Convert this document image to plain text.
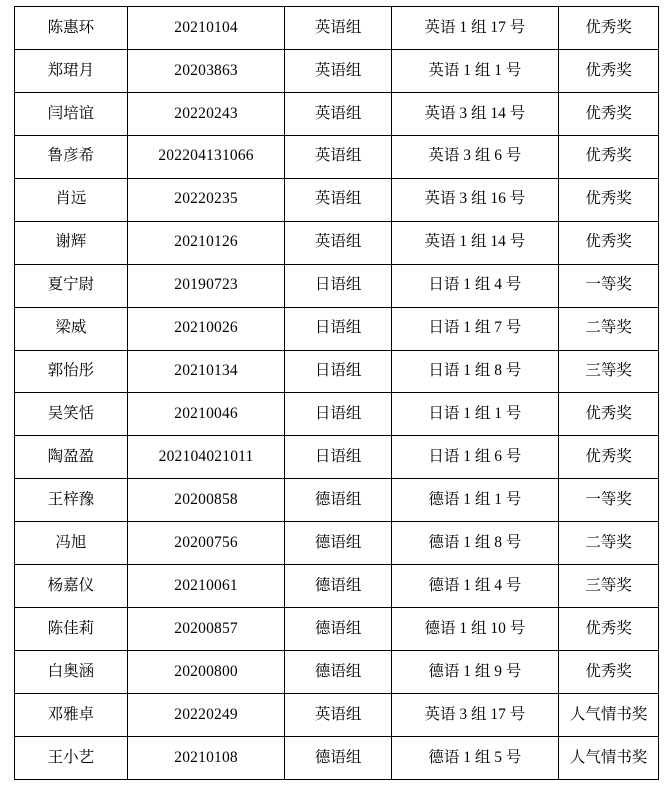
陈惠环	20210104	英语组	英语 1 组 17 号	优秀奖
郑珺月	20203863	英语组	英语 1 组 1 号	优秀奖
闫培谊	20220243	英语组	英语 3 组 14 号	优秀奖
鲁彦希	202204131066	英语组	英语 3 组 6 号	优秀奖
肖远	20220235	英语组	英语 3 组 16 号	优秀奖
谢辉	20210126	英语组	英语 1 组 14 号	优秀奖
夏宁尉	20190723	日语组	日语 1 组 4 号	一等奖
梁威	20210026	日语组	日语 1 组 7 号	二等奖
郭怡彤	20210134	日语组	日语 1 组 8 号	三等奖
吴笑恬	20210046	日语组	日语 1 组 1 号	优秀奖
陶盈盈	202104021011	日语组	日语 1 组 6 号	优秀奖
王梓豫	20200858	德语组	德语 1 组 1 号	一等奖
冯旭	20200756	德语组	德语 1 组 8 号	二等奖
杨嘉仪	20210061	德语组	德语 1 组 4 号	三等奖
陈佳莉	20200857	德语组	德语 1 组 10 号	优秀奖
白奥涵	20200800	德语组	德语 1 组 9 号	优秀奖
邓雅卓	20220249	英语组	英语 3 组 17 号	人气情书奖
王小艺	20210108	德语组	德语 1 组 5 号	人气情书奖
